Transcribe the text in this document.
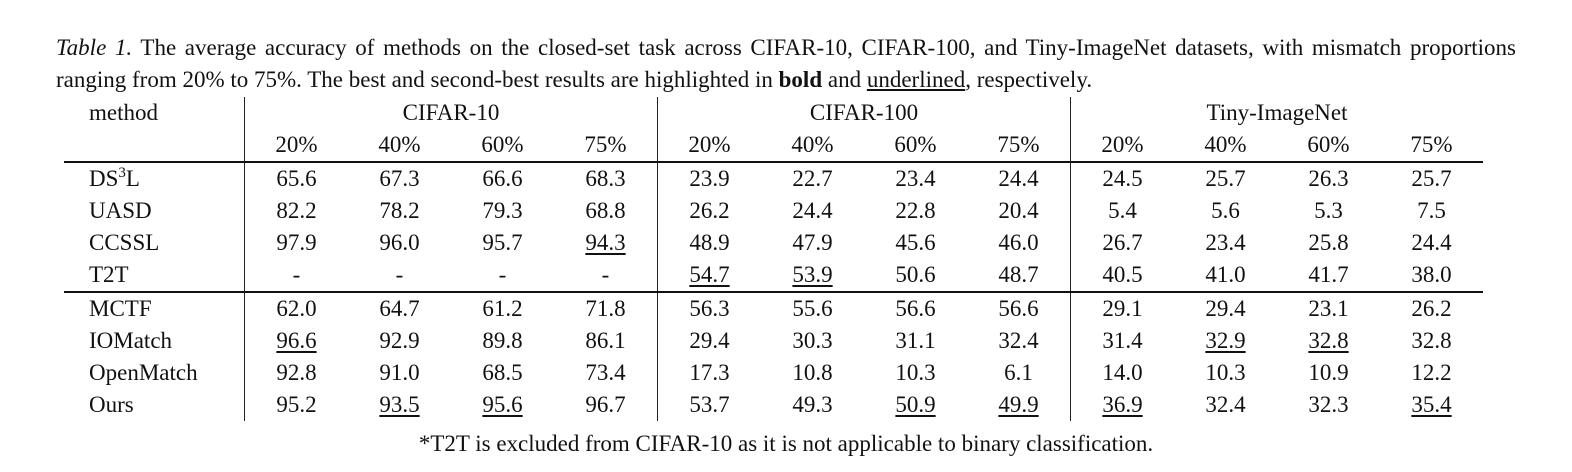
Table 1. The average accuracy of methods on the closed-set task across CIFAR-10, CIFAR-100, and Tiny-ImageNet datasets, with mismatch proportions ranging from 20% to 75%. The best and second-best results are highlighted in bold and underlined, respectively.
method	CIFAR-10				CIFAR-100				Tiny-ImageNet			
	20%	40%	60%	75%	20%	40%	60%	75%	20%	40%	60%	75%
$DS^3L$	65.6	67.3	66.6	68.3	23.9	22.7	23.4	24.4	24.5	25.7	26.3	25.7
UASD	82.2	78.2	79.3	68.8	26.2	24.4	22.8	20.4	5.4	5.6	5.3	7.5
CCSSL	97.9	96.0	95.7	94.3	48.9	47.9	45.6	46.0	26.7	23.4	25.8	24.4
T2T	-	-	-	-	54.7	53.9	50.6	48.7	40.5	41.0	41.7	38.0
MCTF	62.0	64.7	61.2	71.8	56.3	55.6	56.6	56.6	29.1	29.4	23.1	26.2
IOMatch	96.6	92.9	89.8	86.1	29.4	30.3	31.1	32.4	31.4	32.9	32.8	32.8
OpenMatch	92.8	91.0	68.5	73.4	17.3	10.8	10.3	6.1	14.0	10.3	10.9	12.2
Ours	95.2	93.5	95.6	96.7	53.7	49.3	50.9	49.9	36.9	32.4	32.3	35.4
*T2T is excluded from CIFAR-10 as it is not applicable to binary classification.
